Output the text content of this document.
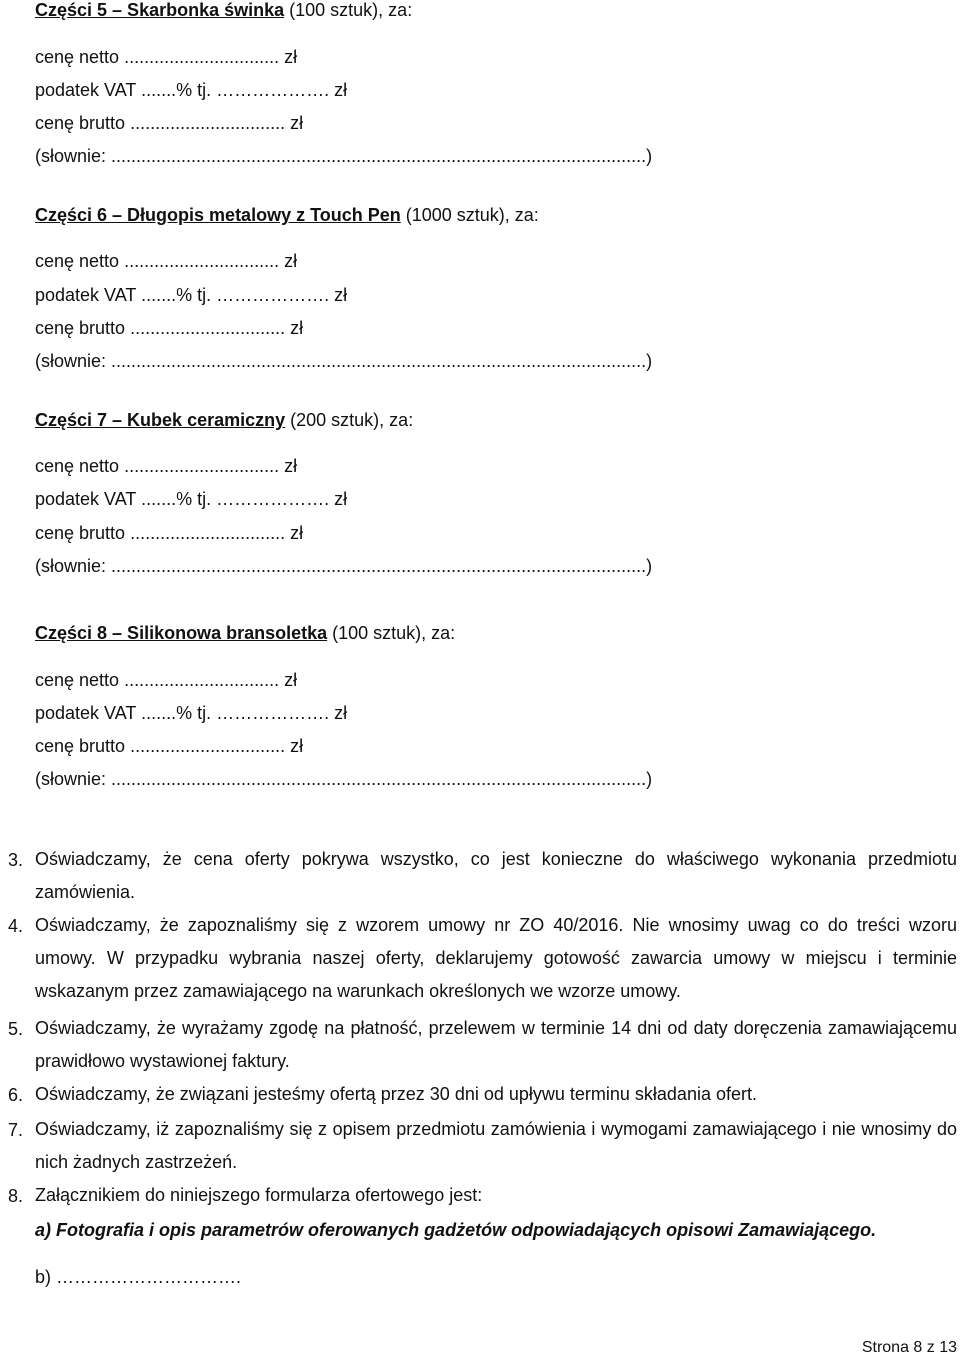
Części 5 – Skarbonka świnka (100 sztuk), za:
cenę netto ............................... zł
podatek VAT .......% tj. ………………. zł
cenę brutto ............................... zł
(słownie: ...........................................................................................................)
Części 6 – Długopis metalowy z Touch Pen (1000 sztuk), za:
cenę netto ............................... zł
podatek VAT .......% tj. ………………. zł
cenę brutto ............................... zł
(słownie: ...........................................................................................................)
Części 7 – Kubek ceramiczny (200 sztuk), za:
cenę netto ............................... zł
podatek VAT .......% tj. ………………. zł
cenę brutto ............................... zł
(słownie: ...........................................................................................................)
Części 8 – Silikonowa bransoletka (100 sztuk), za:
cenę netto ............................... zł
podatek VAT .......% tj. ………………. zł
cenę brutto ............................... zł
(słownie: ...........................................................................................................)
3. Oświadczamy, że cena oferty pokrywa wszystko, co jest konieczne do właściwego wykonania przedmiotu zamówienia.
4. Oświadczamy, że zapoznaliśmy się z wzorem umowy nr ZO 40/2016. Nie wnosimy uwag co do treści wzoru umowy. W przypadku wybrania naszej oferty, deklarujemy gotowość zawarcia umowy w miejscu i terminie wskazanym przez zamawiającego na warunkach określonych we wzorze umowy.
5. Oświadczamy, że wyrażamy zgodę na płatność, przelewem w terminie 14 dni od daty doręczenia zamawiającemu prawidłowo wystawionej faktury.
6. Oświadczamy, że związani jesteśmy ofertą przez 30 dni od upływu terminu składania ofert.
7. Oświadczamy, iż zapoznaliśmy się z opisem przedmiotu zamówienia i wymogami zamawiającego i nie wnosimy do nich żadnych zastrzeżeń.
8. Załącznikiem do niniejszego formularza ofertowego jest:
a) Fotografia i opis parametrów oferowanych gadżetów odpowiadających opisowi Zamawiającego.
b) ………………………….
Strona 8 z 13
